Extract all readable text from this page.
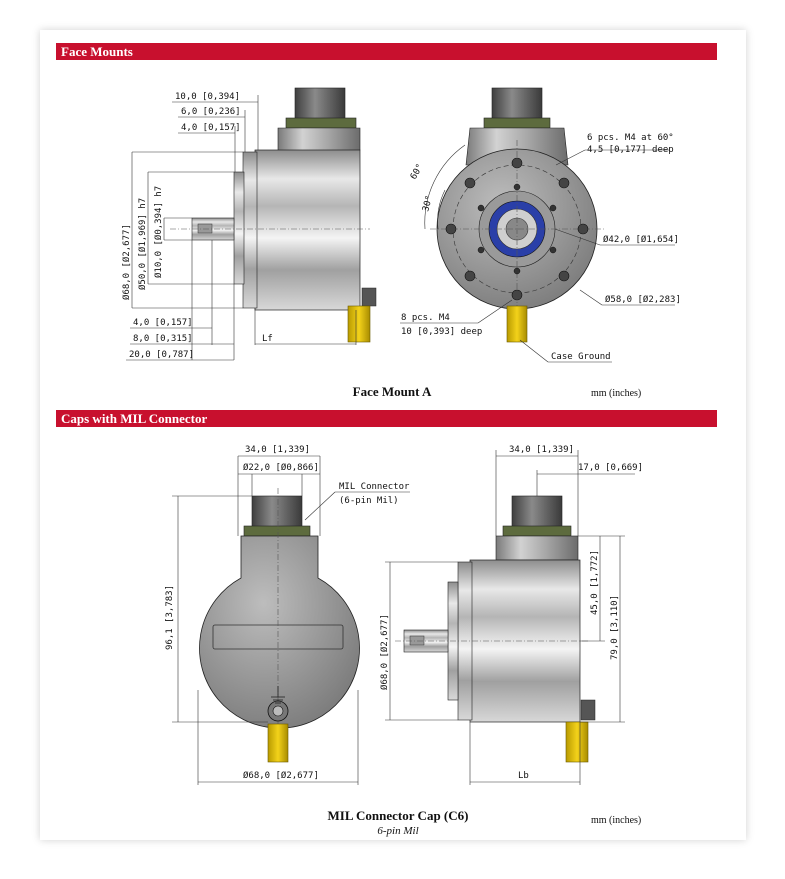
Face Mounts
Caps with MIL Connector
10,0 [0,394]
6,0 [0,236]
4,0 [0,157]
Ø68,0 [Ø2,677] Ø50,0 [Ø1,969] h7 Ø10,0 [Ø0,394] h7
4,0 [0,157]
8,0 [0,315]
20,0 [0,787]
Lf
60°
30°
6 pcs. M4 at 60°
4,5 [0,177] deep
Ø42,0 [Ø1,654]
Ø58,0 [Ø2,283]
8 pcs. M4
10 [0,393] deep
Case Ground
Face Mount A	mm (inches)
34,0 [1,339]
Ø22,0 [Ø0,866]
MIL Connector
(6-pin Mil)
96,1 [3,783]
Ø68,0 [Ø2,677]
34,0 [1,339]
17,0 [0,669]
45,0 [1,772]
79,0 [3,110]
Ø68,0 [Ø2,677]
Lb
MIL Connector Cap (C6)
6-pin Mil
mm (inches)
